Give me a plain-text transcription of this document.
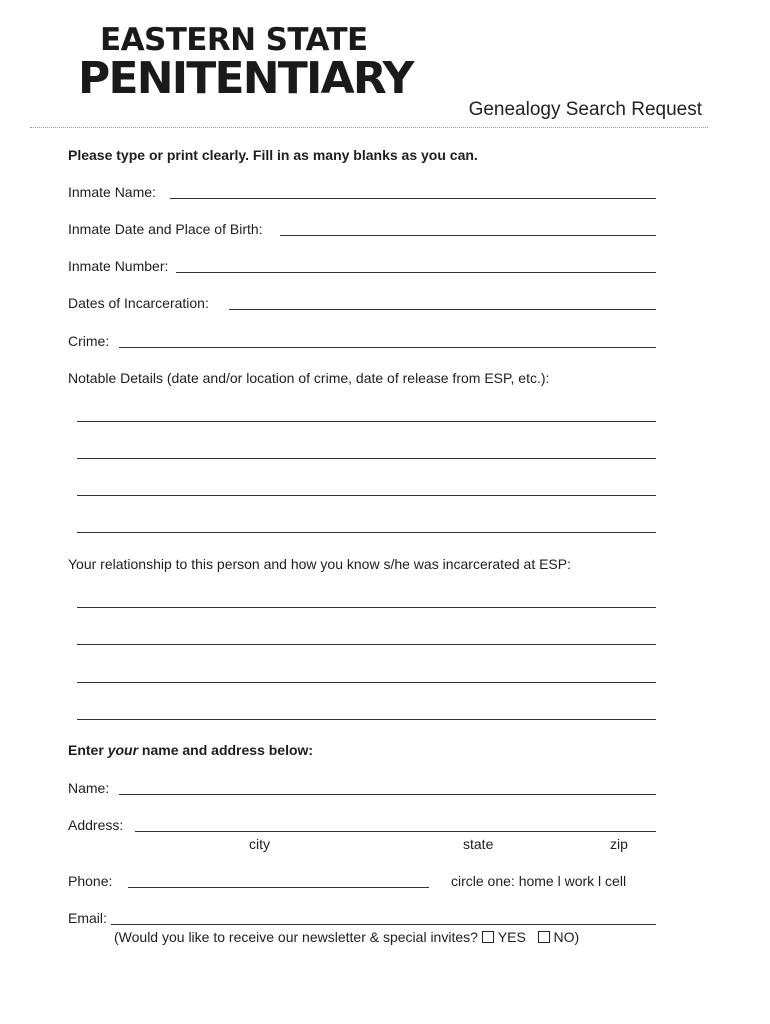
EASTERN STATE
PENITENTIARY
Genealogy Search Request
Please type or print clearly. Fill in as many blanks as you can.
Inmate Name:
Inmate Date and Place of Birth:
Inmate Number:
Dates of Incarceration:
Crime:
Notable Details (date and/or location of crime, date of release from ESP, etc.):
Your relationship to this person and how you know s/he was incarcerated at ESP:
Enter your name and address below:
Name:
Address:
city	state	zip
Phone:	circle one: home l work l cell
Email:
(Would you like to receive our newsletter & special invites? YES NO)
